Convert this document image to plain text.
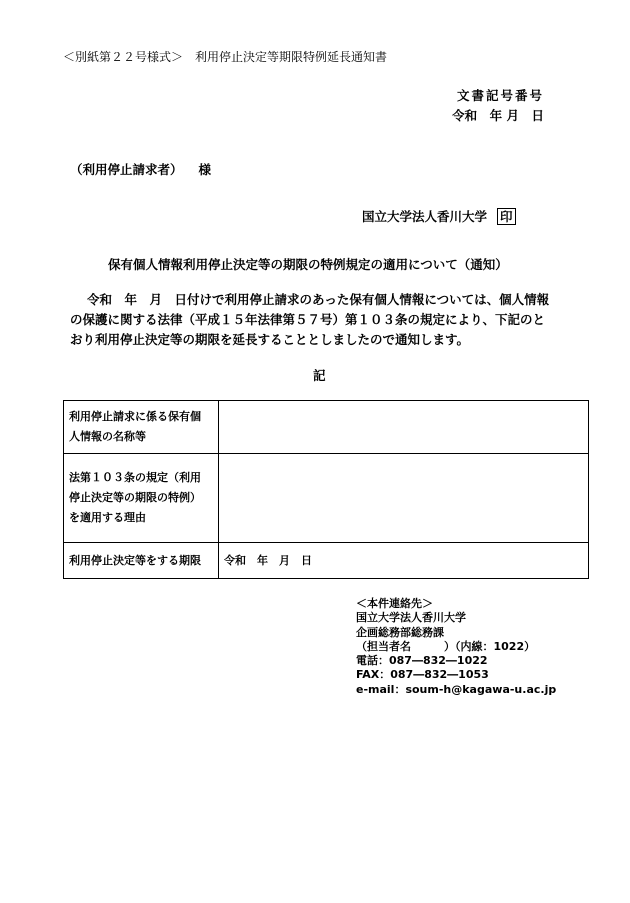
＜別紙第２２号様式＞　利用停止決定等期限特例延長通知書
文書記号番号
令和　年 月　日
（利用停止請求者） 様
国立大学法人香川大学 印
保有個人情報利用停止決定等の期限の特例規定の適用について（通知）
令和　年　月　日付けで利用停止請求のあった保有個人情報については、個人情報
の保護に関する法律（平成１５年法律第５７号）第１０３条の規定により、下記のと
おり利用停止決定等の期限を延長することとしましたので通知します。
記
利用停止請求に係る保有個
人情報の名称等	

法第１０３条の規定（利用
停止決定等の期限の特例）
を適用する理由	

利用停止決定等をする期限	令和　年　月　日
＜本件連絡先＞
国立大学法人香川大学
企画総務部総務課
（担当者名　　　）（内線：1022）
電話：087―832―1022
FAX：087―832―1053
e-mail：soum-h@kagawa-u.ac.jp
